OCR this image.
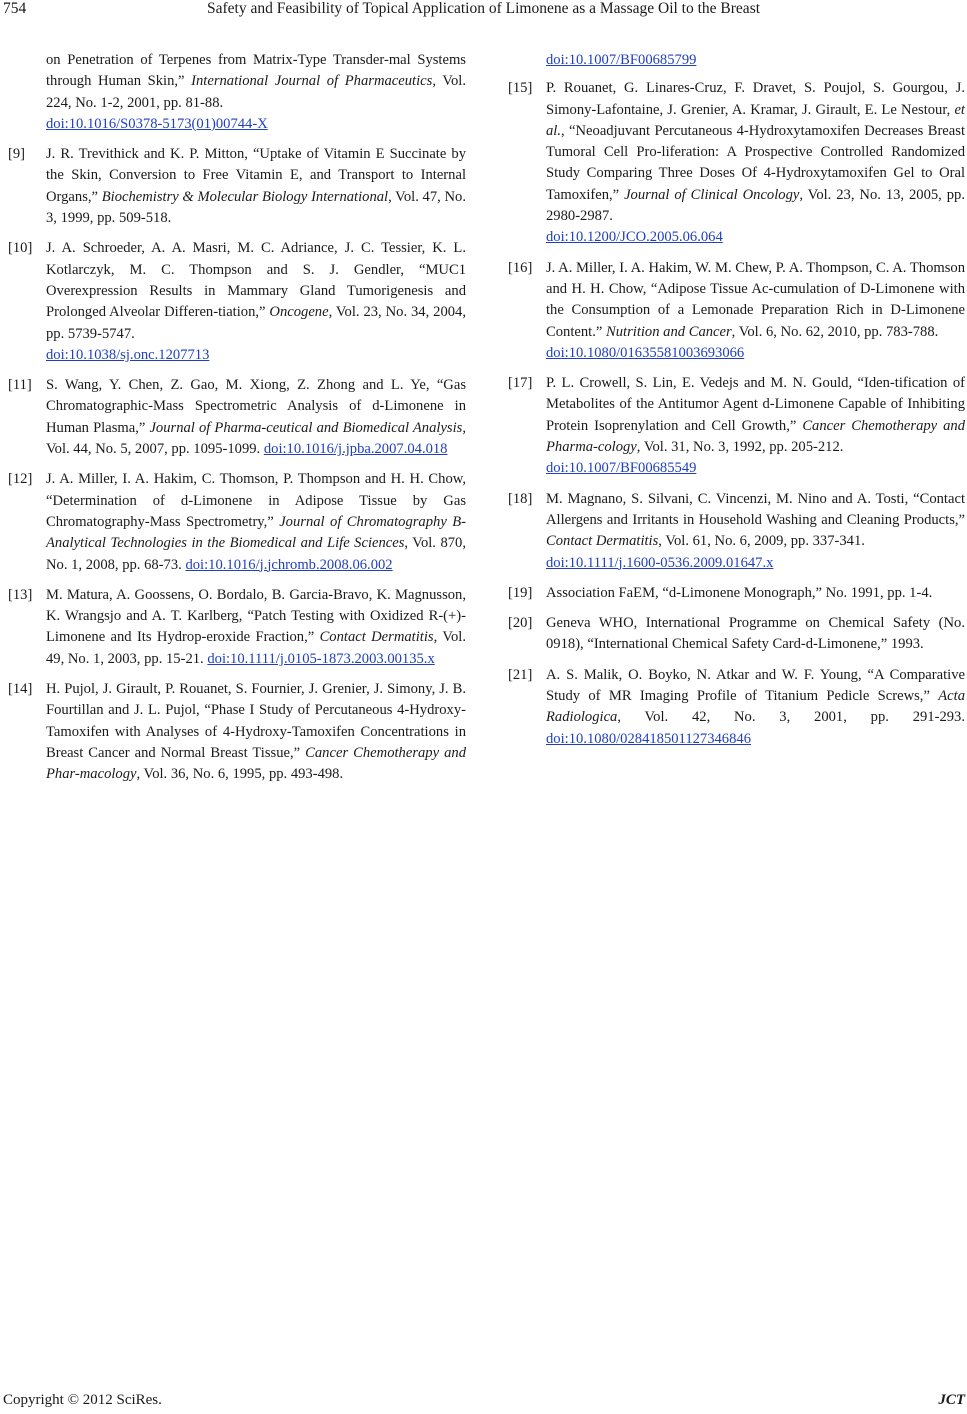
754	Safety and Feasibility of Topical Application of Limonene as a Massage Oil to the Breast
on Penetration of Terpenes from Matrix-Type Transder-mal Systems through Human Skin,” International Journal of Pharmaceutics, Vol. 224, No. 1-2, 2001, pp. 81-88.
doi:10.1016/S0378-5173(01)00744-X
[9] J. R. Trevithick and K. P. Mitton, “Uptake of Vitamin E Succinate by the Skin, Conversion to Free Vitamin E, and Transport to Internal Organs,” Biochemistry & Molecular Biology International, Vol. 47, No. 3, 1999, pp. 509-518.
[10] J. A. Schroeder, A. A. Masri, M. C. Adriance, J. C. Tessier, K. L. Kotlarczyk, M. C. Thompson and S. J. Gendler, “MUC1 Overexpression Results in Mammary Gland Tumorigenesis and Prolonged Alveolar Differen-tiation,” Oncogene, Vol. 23, No. 34, 2004, pp. 5739-5747.
doi:10.1038/sj.onc.1207713
[11] S. Wang, Y. Chen, Z. Gao, M. Xiong, Z. Zhong and L. Ye, “Gas Chromatographic-Mass Spectrometric Analysis of d-Limonene in Human Plasma,” Journal of Pharma-ceutical and Biomedical Analysis, Vol. 44, No. 5, 2007, pp. 1095-1099. doi:10.1016/j.jpba.2007.04.018
[12] J. A. Miller, I. A. Hakim, C. Thomson, P. Thompson and H. H. Chow, “Determination of d-Limonene in Adipose Tissue by Gas Chromatography-Mass Spectrometry,” Journal of Chromatography B-Analytical Technologies in the Biomedical and Life Sciences, Vol. 870, No. 1, 2008, pp. 68-73. doi:10.1016/j.jchromb.2008.06.002
[13] M. Matura, A. Goossens, O. Bordalo, B. Garcia-Bravo, K. Magnusson, K. Wrangsjo and A. T. Karlberg, “Patch Testing with Oxidized R-(+)-Limonene and Its Hydrop-eroxide Fraction,” Contact Dermatitis, Vol. 49, No. 1, 2003, pp. 15-21. doi:10.1111/j.0105-1873.2003.00135.x
[14] H. Pujol, J. Girault, P. Rouanet, S. Fournier, J. Grenier, J. Simony, J. B. Fourtillan and J. L. Pujol, “Phase I Study of Percutaneous 4-Hydroxy-Tamoxifen with Analyses of 4-Hydroxy-Tamoxifen Concentrations in Breast Cancer and Normal Breast Tissue,” Cancer Chemotherapy and Phar-macology, Vol. 36, No. 6, 1995, pp. 493-498.
doi:10.1007/BF00685799
[15] P. Rouanet, G. Linares-Cruz, F. Dravet, S. Poujol, S. Gourgou, J. Simony-Lafontaine, J. Grenier, A. Kramar, J. Girault, E. Le Nestour, et al., “Neoadjuvant Percutaneous 4-Hydroxytamoxifen Decreases Breast Tumoral Cell Pro-liferation: A Prospective Controlled Randomized Study Comparing Three Doses Of 4-Hydroxytamoxifen Gel to Oral Tamoxifen,” Journal of Clinical Oncology, Vol. 23, No. 13, 2005, pp. 2980-2987.
doi:10.1200/JCO.2005.06.064
[16] J. A. Miller, I. A. Hakim, W. M. Chew, P. A. Thompson, C. A. Thomson and H. H. Chow, “Adipose Tissue Ac-cumulation of D-Limonene with the Consumption of a Lemonade Preparation Rich in D-Limonene Content.” Nutrition and Cancer, Vol. 6, No. 62, 2010, pp. 783-788.
doi:10.1080/01635581003693066
[17] P. L. Crowell, S. Lin, E. Vedejs and M. N. Gould, “Iden-tification of Metabolites of the Antitumor Agent d-Limonene Capable of Inhibiting Protein Isoprenylation and Cell Growth,” Cancer Chemotherapy and Pharma-cology, Vol. 31, No. 3, 1992, pp. 205-212.
doi:10.1007/BF00685549
[18] M. Magnano, S. Silvani, C. Vincenzi, M. Nino and A. Tosti, “Contact Allergens and Irritants in Household Washing and Cleaning Products,” Contact Dermatitis, Vol. 61, No. 6, 2009, pp. 337-341.
doi:10.1111/j.1600-0536.2009.01647.x
[19] Association FaEM, “d-Limonene Monograph,” No. 1991, pp. 1-4.
[20] Geneva WHO, International Programme on Chemical Safety (No. 0918), “International Chemical Safety Card-d-Limonene,” 1993.
[21] A. S. Malik, O. Boyko, N. Atkar and W. F. Young, “A Comparative Study of MR Imaging Profile of Titanium Pedicle Screws,” Acta Radiologica, Vol. 42, No. 3, 2001, pp. 291-293. doi:10.1080/028418501127346846
Copyright © 2012 SciRes.	JCT
